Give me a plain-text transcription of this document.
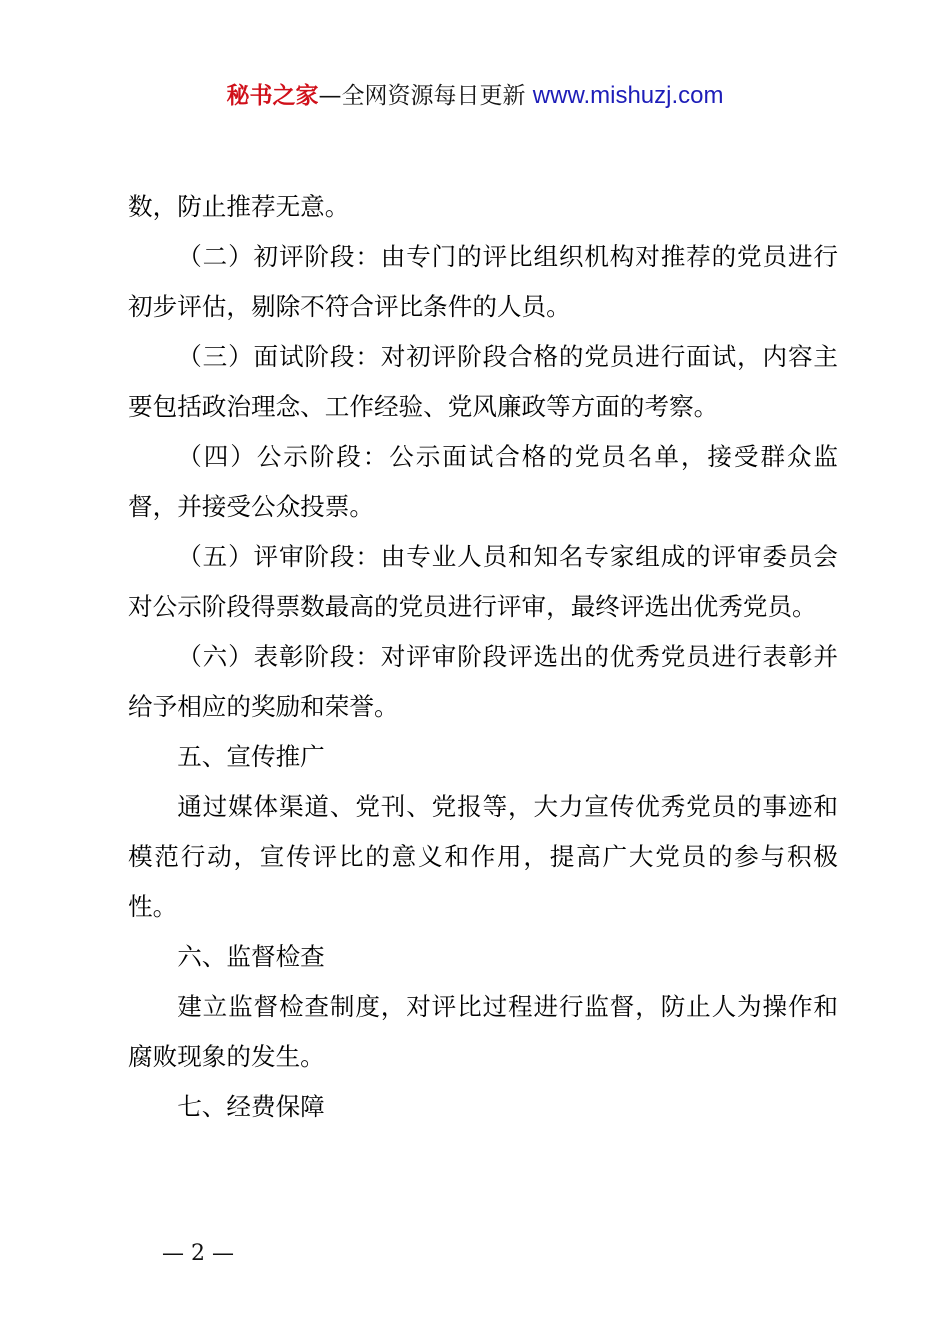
秘书之家—全网资源每日更新 www.mishuzj.com

数，防止推荐无意。

（二）初评阶段：由专门的评比组织机构对推荐的党员进行初步评估，剔除不符合评比条件的人员。

（三）面试阶段：对初评阶段合格的党员进行面试，内容主要包括政治理念、工作经验、党风廉政等方面的考察。

（四）公示阶段：公示面试合格的党员名单，接受群众监督，并接受公众投票。

（五）评审阶段：由专业人员和知名专家组成的评审委员会对公示阶段得票数最高的党员进行评审，最终评选出优秀党员。

（六）表彰阶段：对评审阶段评选出的优秀党员进行表彰并给予相应的奖励和荣誉。

五、宣传推广

通过媒体渠道、党刊、党报等，大力宣传优秀党员的事迹和模范行动，宣传评比的意义和作用，提高广大党员的参与积极性。

六、监督检查

建立监督检查制度，对评比过程进行监督，防止人为操作和腐败现象的发生。

七、经费保障

— 2 —
